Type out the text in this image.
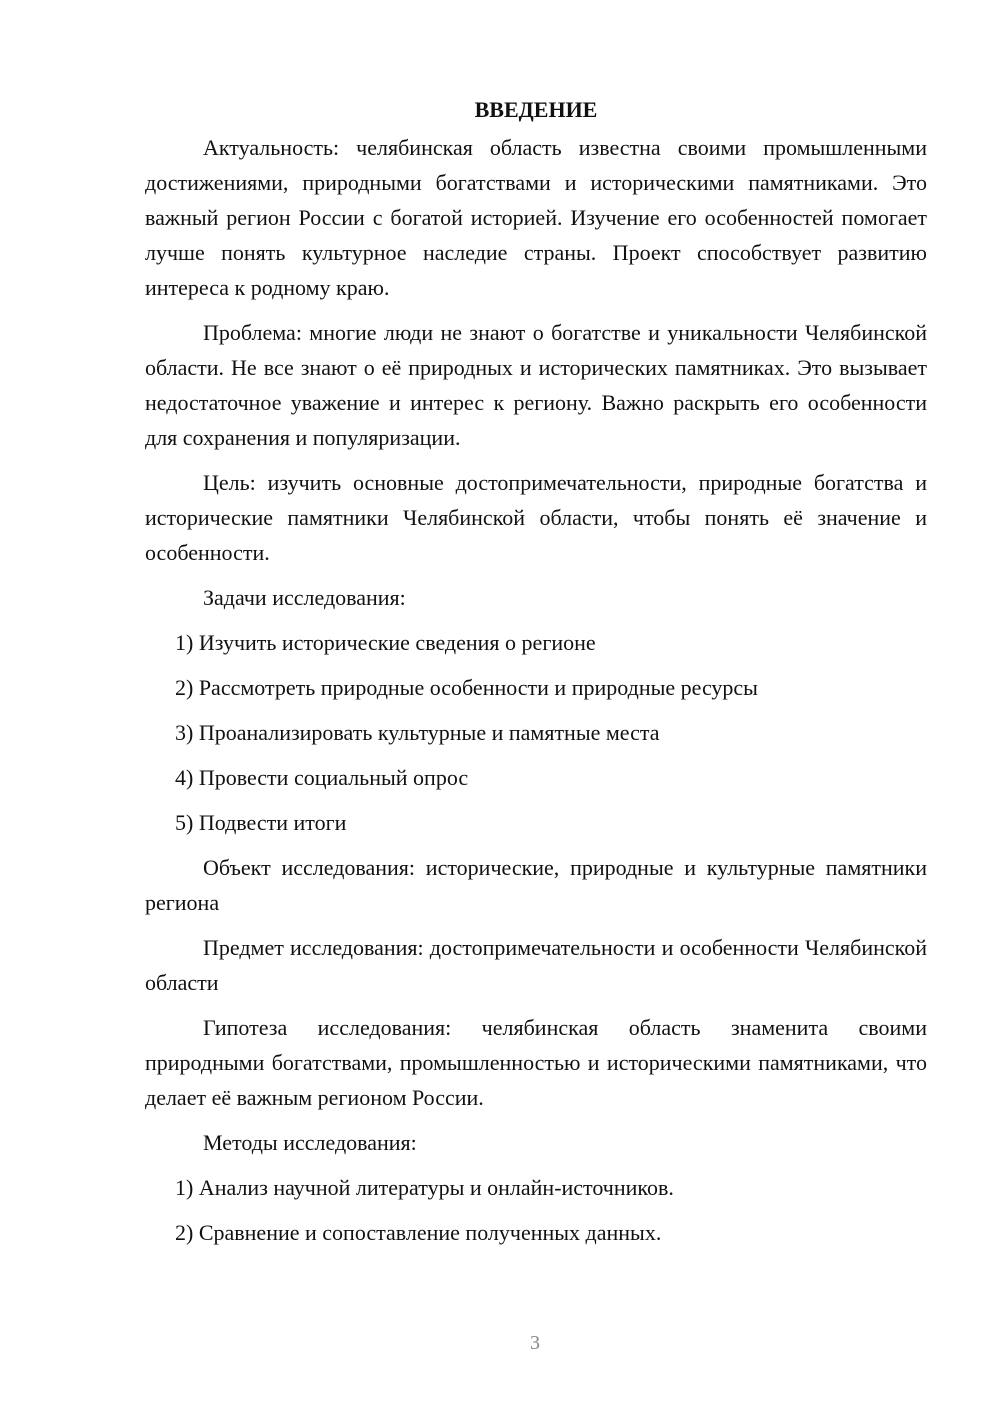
ВВЕДЕНИЕ

Актуальность: челябинская область известна своими промышленными достижениями, природными богатствами и историческими памятниками. Это важный регион России с богатой историей. Изучение его особенностей помогает лучше понять культурное наследие страны. Проект способствует развитию интереса к родному краю.

Проблема: многие люди не знают о богатстве и уникальности Челябинской области. Не все знают о её природных и исторических памятниках. Это вызывает недостаточное уважение и интерес к региону. Важно раскрыть его особенности для сохранения и популяризации.

Цель: изучить основные достопримечательности, природные богатства и исторические памятники Челябинской области, чтобы понять её значение и особенности.

Задачи исследования:

1) Изучить исторические сведения о регионе
2) Рассмотреть природные особенности и природные ресурсы
3) Проанализировать культурные и памятные места
4) Провести социальный опрос
5) Подвести итоги

Объект исследования: исторические, природные и культурные памятники региона

Предмет исследования: достопримечательности и особенности Челябинской области

Гипотеза исследования: челябинская область знаменита своими природными богатствами, промышленностью и историческими памятниками, что делает её важным регионом России.

Методы исследования:

1) Анализ научной литературы и онлайн-источников.
2) Сравнение и сопоставление полученных данных.
3
